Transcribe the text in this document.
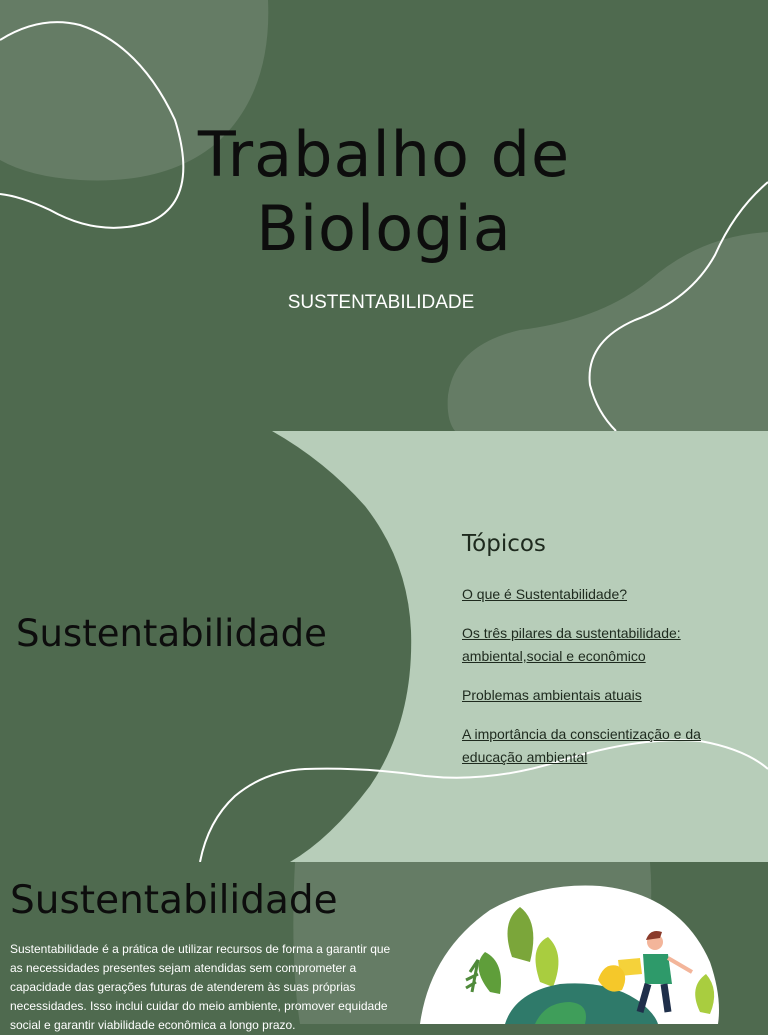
Trabalho de
Biologia

SUSTENTABILIDADE

Sustentabilidade
Tópicos
O que é Sustentabilidade?
Os três pilares da sustentabilidade: ambiental,social e econômico
Problemas ambientais atuais
A importância da conscientização e da educação ambiental
Sustentabilidade

Sustentabilidade é a prática de utilizar recursos de forma a garantir que as necessidades presentes sejam atendidas sem comprometer a capacidade das gerações futuras de atenderem às suas próprias necessidades. Isso inclui cuidar do meio ambiente, promover equidade social e garantir viabilidade econômica a longo prazo.
